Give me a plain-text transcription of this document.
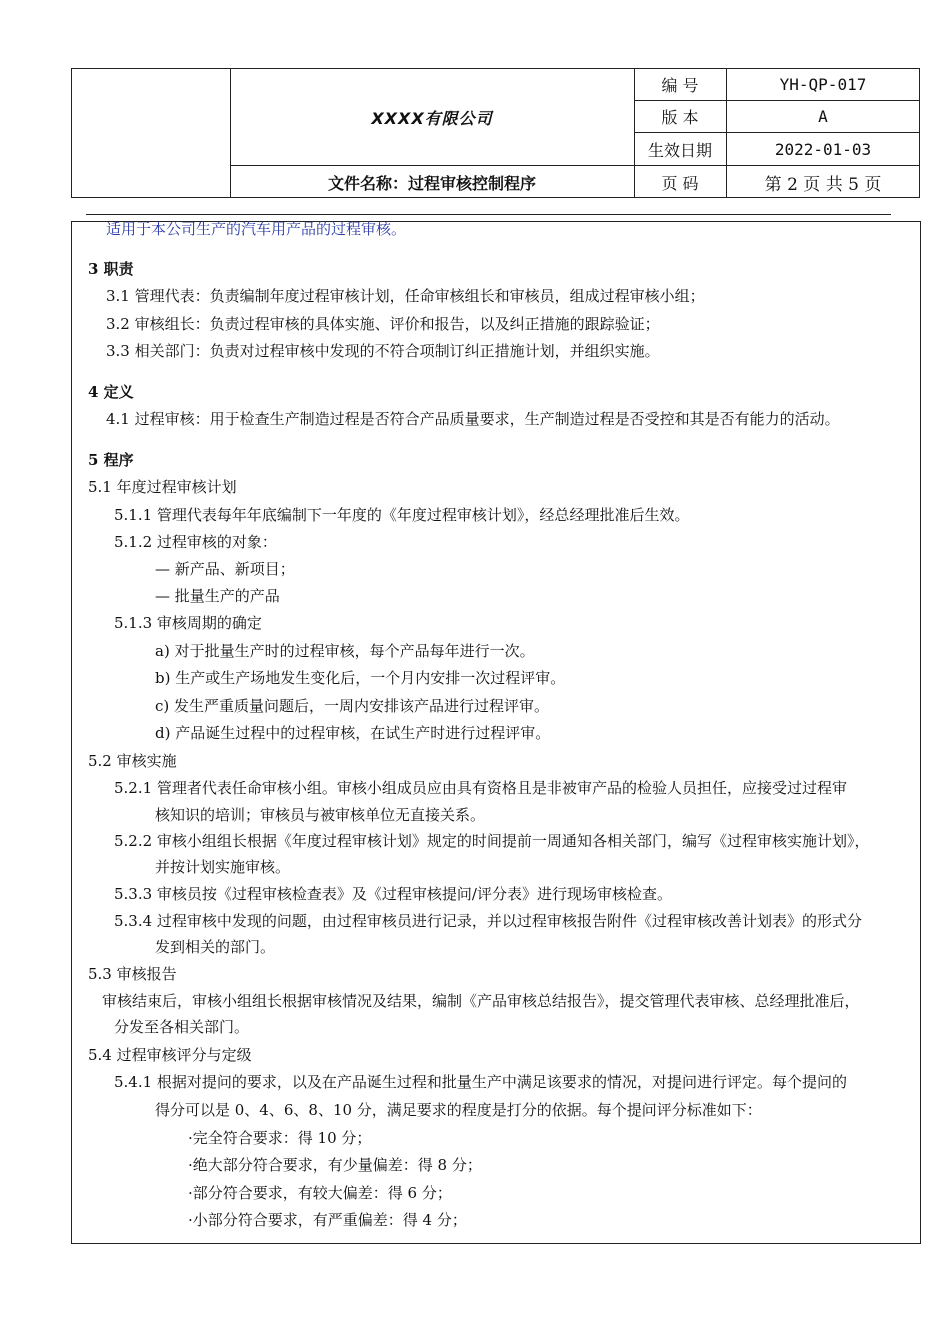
XXXX有限公司
文件名称：过程审核控制程序
编 号	YH-QP-017
版 本	A
生效日期	2022-01-03
页 码	第 2 页 共 5 页
适用于本公司生产的汽车用产品的过程审核。
3 职责
3.1 管理代表：负责编制年度过程审核计划，任命审核组长和审核员，组成过程审核小组；
3.2 审核组长：负责过程审核的具体实施、评价和报告，以及纠正措施的跟踪验证；
3.3 相关部门：负责对过程审核中发现的不符合项制订纠正措施计划，并组织实施。
4 定义
4.1 过程审核：用于检查生产制造过程是否符合产品质量要求，生产制造过程是否受控和其是否有能力的活动。
5 程序
5.1 年度过程审核计划
5.1.1 管理代表每年年底编制下一年度的《年度过程审核计划》，经总经理批准后生效。
5.1.2 过程审核的对象：
— 新产品、新项目；
— 批量生产的产品
5.1.3 审核周期的确定
a) 对于批量生产时的过程审核，每个产品每年进行一次。
b) 生产或生产场地发生变化后，一个月内安排一次过程评审。
c) 发生严重质量问题后，一周内安排该产品进行过程评审。
d) 产品诞生过程中的过程审核，在试生产时进行过程评审。
5.2 审核实施
5.2.1 管理者代表任命审核小组。审核小组成员应由具有资格且是非被审产品的检验人员担任，应接受过过程审
核知识的培训；审核员与被审核单位无直接关系。
5.2.2 审核小组组长根据《年度过程审核计划》规定的时间提前一周通知各相关部门，编写《过程审核实施计划》，
并按计划实施审核。
5.3.3 审核员按《过程审核检查表》及《过程审核提问/评分表》进行现场审核检查。
5.3.4 过程审核中发现的问题，由过程审核员进行记录，并以过程审核报告附件《过程审核改善计划表》的形式分
发到相关的部门。
5.3 审核报告
审核结束后，审核小组组长根据审核情况及结果，编制《产品审核总结报告》，提交管理代表审核、总经理批准后，
分发至各相关部门。
5.4 过程审核评分与定级
5.4.1 根据对提问的要求，以及在产品诞生过程和批量生产中满足该要求的情况，对提问进行评定。每个提问的
得分可以是 0、4、6、8、10 分，满足要求的程度是打分的依据。每个提问评分标准如下：
·完全符合要求：得 10 分；
·绝大部分符合要求，有少量偏差：得 8 分；
·部分符合要求，有较大偏差：得 6 分；
·小部分符合要求，有严重偏差：得 4 分；
